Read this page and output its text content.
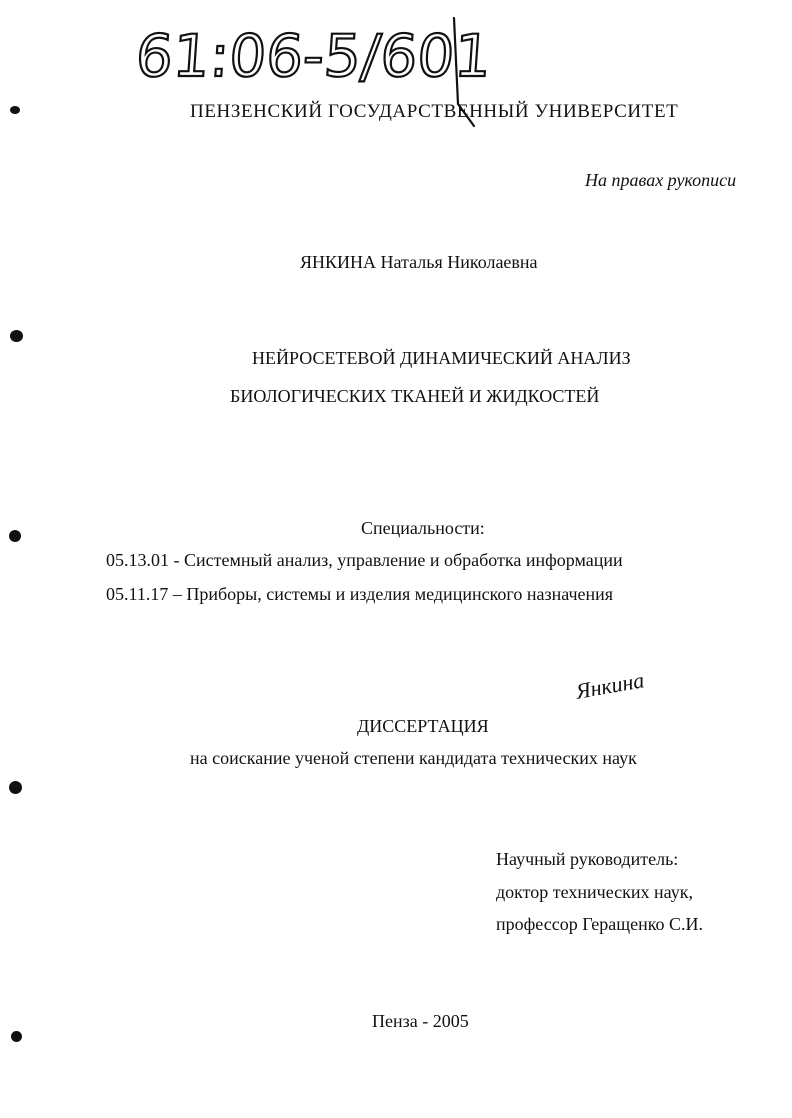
61:06-5/601
ПЕНЗЕНСКИЙ ГОСУДАРСТВЕННЫЙ УНИВЕРСИТЕТ
На правах рукописи
ЯНКИНА Наталья Николаевна
НЕЙРОСЕТЕВОЙ ДИНАМИЧЕСКИЙ АНАЛИЗ
БИОЛОГИЧЕСКИХ ТКАНЕЙ И ЖИДКОСТЕЙ
Специальности:
05.13.01 - Системный анализ, управление и обработка информации
05.11.17 – Приборы, системы и изделия медицинского назначения
Янкина
ДИССЕРТАЦИЯ
на соискание ученой степени кандидата технических наук
Научный руководитель:
доктор технических наук,
профессор Геращенко С.И.
Пенза - 2005
